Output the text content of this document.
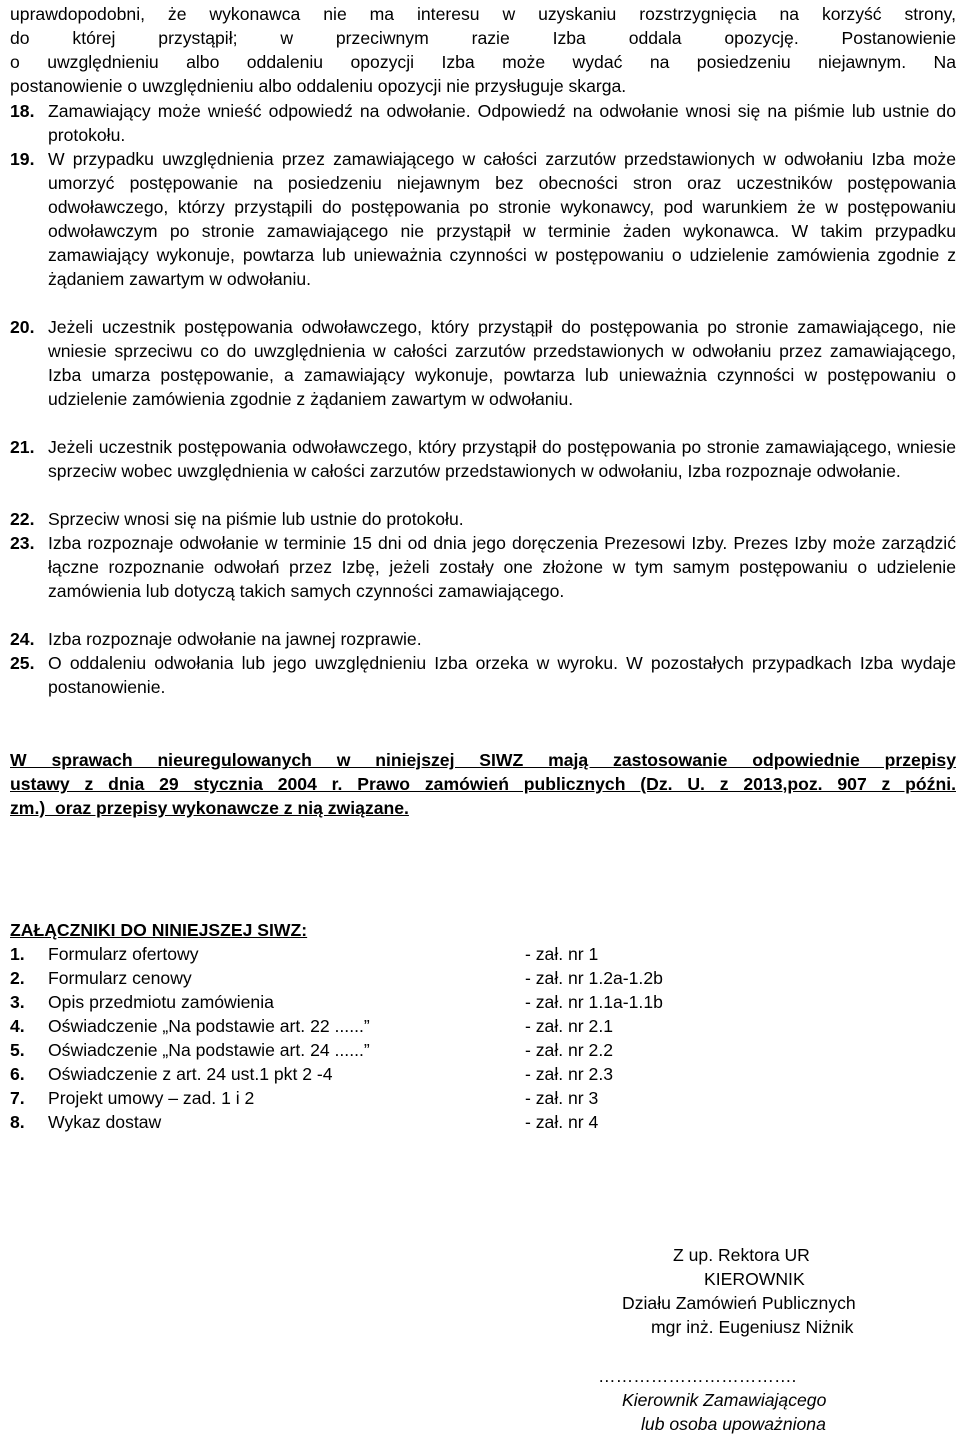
uprawdopodobni, że wykonawca nie ma interesu w uzyskaniu rozstrzygnięcia na korzyść strony,

do której przystąpił; w przeciwnym razie Izba oddala opozycję. Postanowienie

o uwzględnieniu albo oddaleniu opozycji Izba może wydać na posiedzeniu niejawnym. Na

postanowienie o uwzględnieniu albo oddaleniu opozycji nie przysługuje skarga.

18. Zamawiający może wnieść odpowiedź na odwołanie. Odpowiedź na odwołanie wnosi się na piśmie lub ustnie do protokołu.

19. W przypadku uwzględnienia przez zamawiającego w całości zarzutów przedstawionych w odwołaniu Izba może umorzyć postępowanie na posiedzeniu niejawnym bez obecności stron oraz uczestników postępowania odwoławczego, którzy przystąpili do postępowania po stronie wykonawcy, pod warunkiem że w postępowaniu odwoławczym po stronie zamawiającego nie przystąpił w terminie żaden wykonawca. W takim przypadku zamawiający wykonuje, powtarza lub unieważnia czynności w postępowaniu o udzielenie zamówienia zgodnie z żądaniem zawartym w odwołaniu.

20. Jeżeli uczestnik postępowania odwoławczego, który przystąpił do postępowania po stronie zamawiającego, nie wniesie sprzeciwu co do uwzględnienia w całości zarzutów przedstawionych w odwołaniu przez zamawiającego, Izba umarza postępowanie, a zamawiający wykonuje, powtarza lub unieważnia czynności w postępowaniu o udzielenie zamówienia zgodnie z żądaniem zawartym w odwołaniu.

21. Jeżeli uczestnik postępowania odwoławczego, który przystąpił do postępowania po stronie zamawiającego, wniesie sprzeciw wobec uwzględnienia w całości zarzutów przedstawionych w odwołaniu, Izba rozpoznaje odwołanie.

22. Sprzeciw wnosi się na piśmie lub ustnie do protokołu.

23. Izba rozpoznaje odwołanie w terminie 15 dni od dnia jego doręczenia Prezesowi Izby. Prezes Izby może zarządzić łączne rozpoznanie odwołań przez Izbę, jeżeli zostały one złożone w tym samym postępowaniu o udzielenie zamówienia lub dotyczą takich samych czynności zamawiającego.

24. Izba rozpoznaje odwołanie na jawnej rozprawie.

25. O oddaleniu odwołania lub jego uwzględnieniu Izba orzeka w wyroku. W pozostałych przypadkach Izba wydaje postanowienie.

W sprawach nieuregulowanych w niniejszej SIWZ mają zastosowanie odpowiednie przepisy

ustawy z dnia 29 stycznia 2004 r. Prawo zamówień publicznych (Dz. U. z 2013,poz. 907 z późni.

zm.)  oraz przepisy wykonawcze z nią związane.

ZAŁĄCZNIKI DO NINIEJSZEJ SIWZ:

1. Formularz ofertowy	- zał. nr 1
2. Formularz cenowy	- zał. nr 1.2a-1.2b
3. Opis przedmiotu zamówienia	- zał. nr 1.1a-1.1b
4. Oświadczenie „Na podstawie art. 22 ......”	- zał. nr 2.1
5. Oświadczenie „Na podstawie art. 24 ......”	- zał. nr 2.2
6. Oświadczenie z art. 24 ust.1 pkt 2 -4	- zał. nr 2.3
7. Projekt umowy – zad. 1 i 2	- zał. nr 3
8. Wykaz dostaw	- zał. nr 4
Z up. Rektora UR
KIEROWNIK
Działu Zamówień Publicznych
mgr inż. Eugeniusz Niżnik
…………………………….
Kierownik Zamawiającego
lub osoba upoważniona
